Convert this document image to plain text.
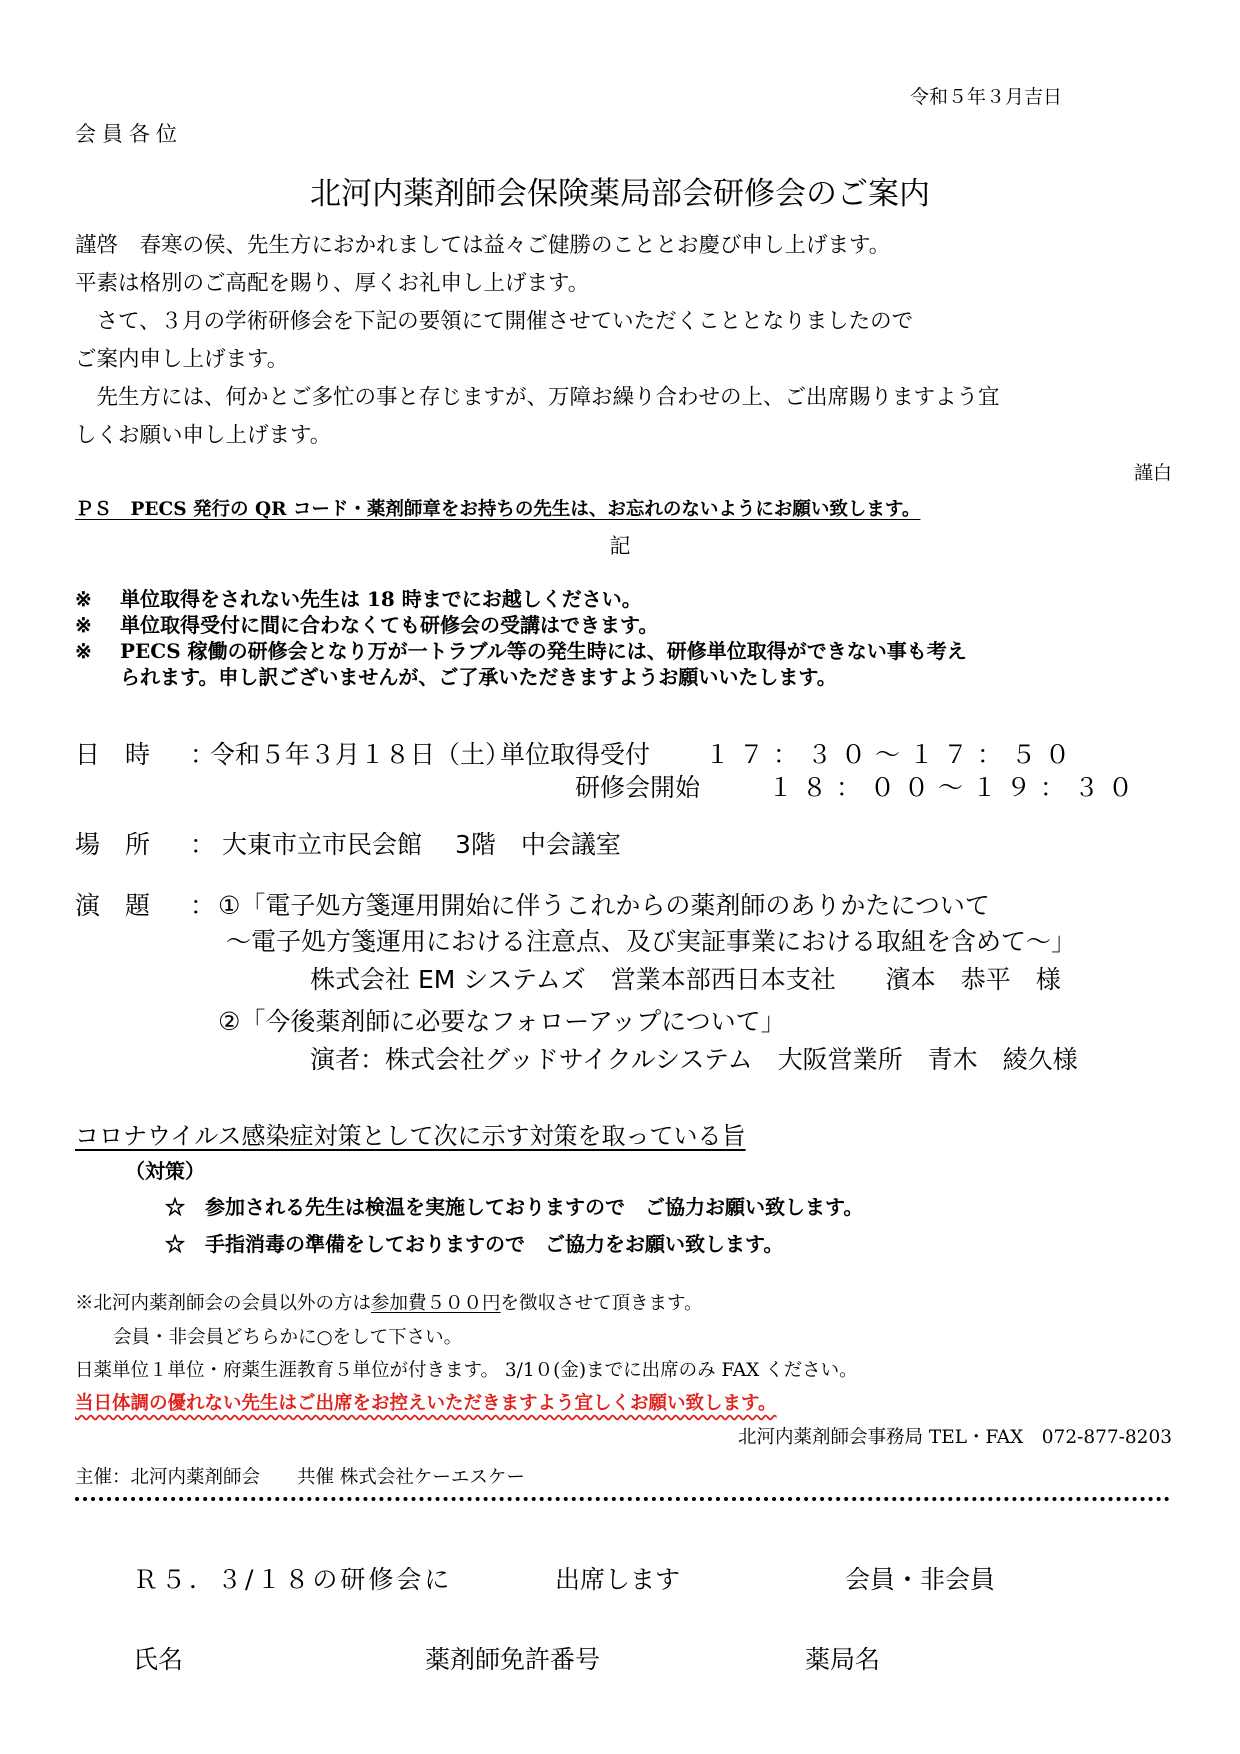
令和５年３月吉日
会員各位
北河内薬剤師会保険薬局部会研修会のご案内
謹啓　春寒の侯、先生方におかれましては益々ご健勝のこととお慶び申し上げます。
平素は格別のご高配を賜り、厚くお礼申し上げます。
　さて、３月の学術研修会を下記の要領にて開催させていただくこととなりましたので
ご案内申し上げます。
　先生方には、何かとご多忙の事と存じますが、万障お繰り合わせの上、ご出席賜りますよう宜
しくお願い申し上げます。
謹白
ＰＳ　PECS 発行の QR コード・薬剤師章をお持ちの先生は、お忘れのないようにお願い致します。
記
※ 単位取得をされない先生は 18 時までにお越しください。
※ 単位取得受付に間に合わなくても研修会の受講はできます。
※ PECS 稼働の研修会となり万が一トラブル等の発生時には、研修単位取得ができない事も考え
られます。申し訳ございませんが、ご了承いただきますようお願いいたします。
日　時 ：
令和５年３月１８日（土）
単位取得受付 １７：３０～１７：５０
研修会開始	１８：００～１９：３０
場　所 ： 大東市立市民会館　 3階　中会議室
演　題 ： ①「電子処方箋運用開始に伴うこれからの薬剤師のありかたについて
～電子処方箋運用における注意点、及び実証事業における取組を含めて～」
株式会社 EM システムズ　営業本部西日本支社　　濱本　恭平　様
②「今後薬剤師に必要なフォローアップについて」
演者：株式会社グッドサイクルシステム　大阪営業所　青木　綾久様
コロナウイルス感染症対策として次に示す対策を取っている旨
（対策）
☆　参加される先生は検温を実施しておりますので　ご協力お願い致します。
☆　手指消毒の準備をしておりますので　ご協力をお願い致します。
※北河内薬剤師会の会員以外の方は参加費５００円を徴収させて頂きます。
会員・非会員どちらかに○をして下さい。
日薬単位１単位・府薬生涯教育５単位が付きます。 3/1０(金)までに出席のみ FAX ください。
当日体調の優れない先生はご出席をお控えいただきますよう宜しくお願い致します。
北河内薬剤師会事務局 TEL・FAX　072-877-8203
主催：北河内薬剤師会　　共催 株式会社ケーエスケー
Ｒ５．３/１８の研修会に	出席します	会員・非会員
氏名	薬剤師免許番号	薬局名
